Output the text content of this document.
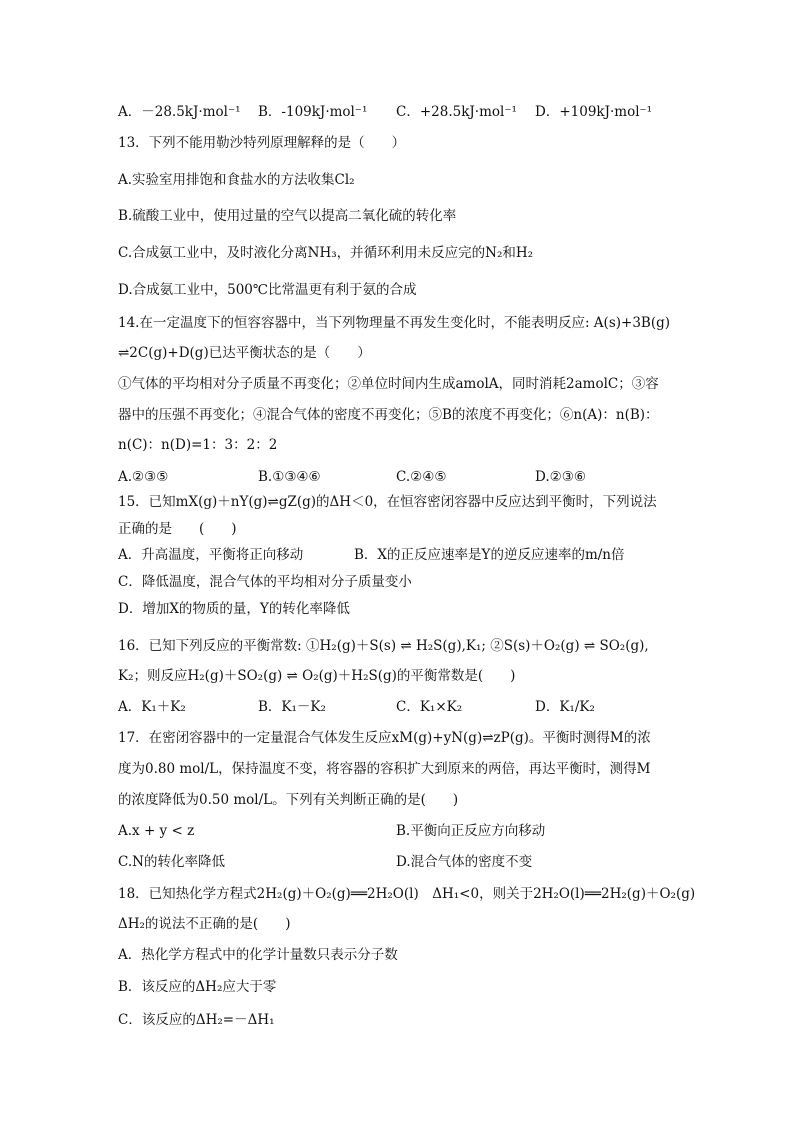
A．－28.5kJ·mol⁻¹ B．-109kJ·mol⁻¹ C．+28.5kJ·mol⁻¹ D．+109kJ·mol⁻¹
13．下列不能用勒沙特列原理解释的是（　　）
A.实验室用排饱和食盐水的方法收集Cl₂
B.硫酸工业中，使用过量的空气以提高二氧化硫的转化率
C.合成氨工业中，及时液化分离NH₃，并循环利用未反应完的N₂和H₂
D.合成氨工业中，500℃比常温更有利于氨的合成
14.在一定温度下的恒容容器中，当下列物理量不再发生变化时，不能表明反应: A(s)+3B(g)
⇌2C(g)+D(g)已达平衡状态的是（　　）
①气体的平均相对分子质量不再变化；②单位时间内生成amolA，同时消耗2amolC；③容
器中的压强不再变化；④混合气体的密度不再变化；⑤B的浓度不再变化；⑥n(A)：n(B)：
n(C)：n(D)=1：3：2：2
A.②③⑤	B.①③④⑥	C.②④⑤	D.②③⑥
15．已知mX(g)＋nY(g)⇌gZ(g)的ΔH＜0，在恒容密闭容器中反应达到平衡时，下列说法
正确的是　　(　　)
A．升高温度，平衡将正向移动	B．X的正反应速率是Y的逆反应速率的m/n倍
C．降低温度，混合气体的平均相对分子质量变小
D．增加X的物质的量，Y的转化率降低
16．已知下列反应的平衡常数: ①H₂(g)＋S(s) ⇌ H₂S(g),K₁; ②S(s)＋O₂(g) ⇌ SO₂(g),
K₂；则反应H₂(g)＋SO₂(g) ⇌ O₂(g)＋H₂S(g)的平衡常数是(　　)
A．K₁＋K₂	B．K₁－K₂	C．K₁×K₂	D．K₁/K₂
17．在密闭容器中的一定量混合气体发生反应xM(g)+yN(g)⇌zP(g)。平衡时测得M的浓
度为0.80 mol/L，保持温度不变，将容器的容积扩大到原来的两倍，再达平衡时，测得M
的浓度降低为0.50 mol/L。下列有关判断正确的是(　　)
A.x + y < z	B.平衡向正反应方向移动
C.N的转化率降低	D.混合气体的密度不变
18．已知热化学方程式2H₂(g)＋O₂(g)══2H₂O(l)　ΔH₁<0，则关于2H₂O(l)══2H₂(g)＋O₂(g)
ΔH₂的说法不正确的是(　　)
A．热化学方程式中的化学计量数只表示分子数
B．该反应的ΔH₂应大于零
C．该反应的ΔH₂=－ΔH₁
